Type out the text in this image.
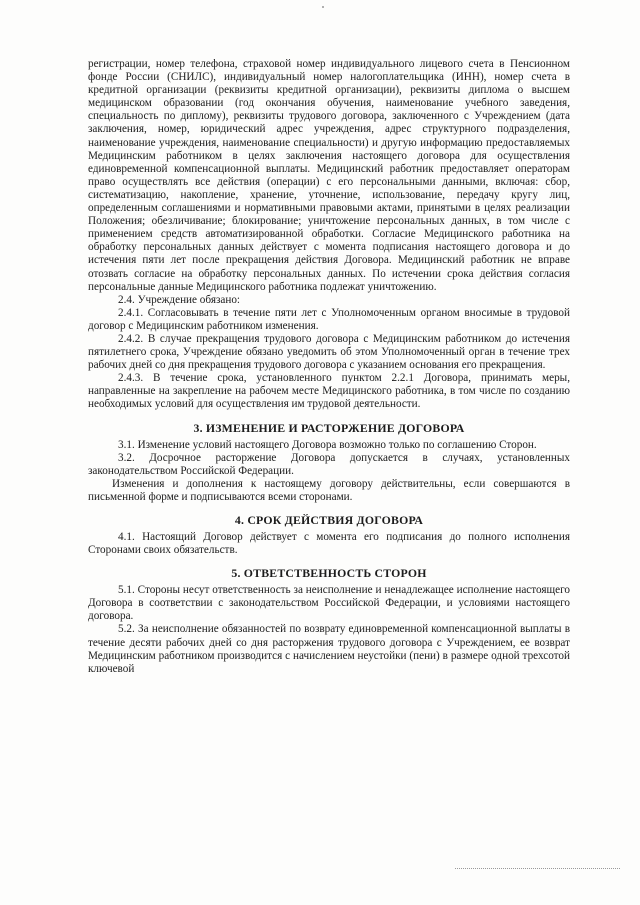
регистрации, номер телефона, страховой номер индивидуального лицевого счета в Пенсионном фонде России (СНИЛС), индивидуальный номер налогоплательщика (ИНН), номер счета в кредитной организации (реквизиты кредитной организации), реквизиты диплома о высшем медицинском образовании (год окончания обучения, наименование учебного заведения, специальность по диплому), реквизиты трудового договора, заключенного с Учреждением (дата заключения, номер, юридический адрес учреждения, адрес структурного подразделения, наименование учреждения, наименование специальности) и другую информацию предоставляемых Медицинским работником в целях заключения настоящего договора для осуществления единовременной компенсационной выплаты. Медицинский работник предоставляет операторам право осуществлять все действия (операции) с его персональными данными, включая: сбор, систематизацию, накопление, хранение, уточнение, использование, передачу кругу лиц, определенным соглашениями и нормативными правовыми актами, принятыми в целях реализации Положения; обезличивание; блокирование; уничтожение персональных данных, в том числе с применением средств автоматизированной обработки. Согласие Медицинского работника на обработку персональных данных действует с момента подписания настоящего договора и до истечения пяти лет после прекращения действия Договора. Медицинский работник не вправе отозвать согласие на обработку персональных данных. По истечении срока действия согласия персональные данные Медицинского работника подлежат уничтожению.

2.4. Учреждение обязано:

2.4.1. Согласовывать в течение пяти лет с Уполномоченным органом вносимые в трудовой договор с Медицинским работником изменения.

2.4.2. В случае прекращения трудового договора с Медицинским работником до истечения пятилетнего срока, Учреждение обязано уведомить об этом Уполномоченный орган в течение трех рабочих дней со дня прекращения трудового договора с указанием основания его прекращения.

2.4.3. В течение срока, установленного пунктом 2.2.1 Договора, принимать меры, направленные на закрепление на рабочем месте Медицинского работника, в том числе по созданию необходимых условий для осуществления им трудовой деятельности.

3. ИЗМЕНЕНИЕ И РАСТОРЖЕНИЕ ДОГОВОРА

3.1. Изменение условий настоящего Договора возможно только по соглашению Сторон.

3.2. Досрочное расторжение Договора допускается в случаях, установленных законодательством Российской Федерации.

Изменения и дополнения к настоящему договору действительны, если совершаются в письменной форме и подписываются всеми сторонами.

4. СРОК ДЕЙСТВИЯ ДОГОВОРА

4.1. Настоящий Договор действует с момента его подписания до полного исполнения Сторонами своих обязательств.

5. ОТВЕТСТВЕННОСТЬ СТОРОН

5.1. Стороны несут ответственность за неисполнение и ненадлежащее исполнение настоящего Договора в соответствии с законодательством Российской Федерации, и условиями настоящего договора.

5.2. За неисполнение обязанностей по возврату единовременной компенсационной выплаты в течение десяти рабочих дней со дня расторжения трудового договора с Учреждением, ее возврат Медицинским работником производится с начислением неустойки (пени) в размере одной трехсотой ключевой
